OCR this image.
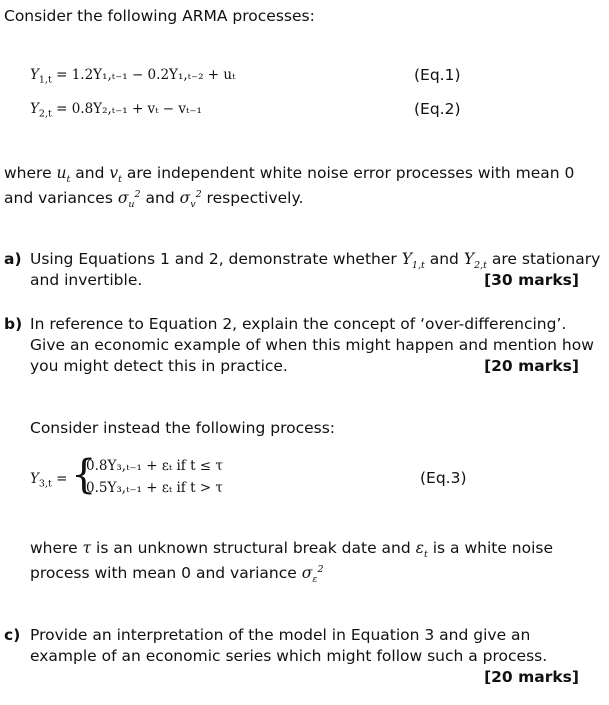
Consider the following ARMA processes:
$Y_{1,t} = 1.2Y_1,_{t-1} - 0.2Y_1,_{t-2} + u_t$	(Eq.1)
$Y_{2,t} = 0.8Y_2,_{t-1} + v_t - v_{t-1}$	(Eq.2)
where $u_t$ and $v_t$ are independent white noise error processes with mean 0
and variances $\sigma_u^2$ and $\sigma_v^2$ respectively.
a) Using Equations 1 and 2, demonstrate whether $Y_{1,t}$ and $Y_{2,t}$ are stationary
and invertible.	[30 marks]
b) In reference to Equation 2, explain the concept of ‘over-differencing’.
Give an economic example of when this might happen and mention how
you might detect this in practice.	[20 marks]
Consider instead the following process:
$Y_{3,t}$ = {
0.8Y₃,ₜ₋₁ + εₜ if t ≤ τ
0.5Y₃,ₜ₋₁ + εₜ if t > τ
(Eq.3)
where τ is an unknown structural break date and $\varepsilon_t$ is a white noise
process with mean 0 and variance $\sigma_\varepsilon^2$
c) Provide an interpretation of the model in Equation 3 and give an
example of an economic series which might follow such a process.
[20 marks]
